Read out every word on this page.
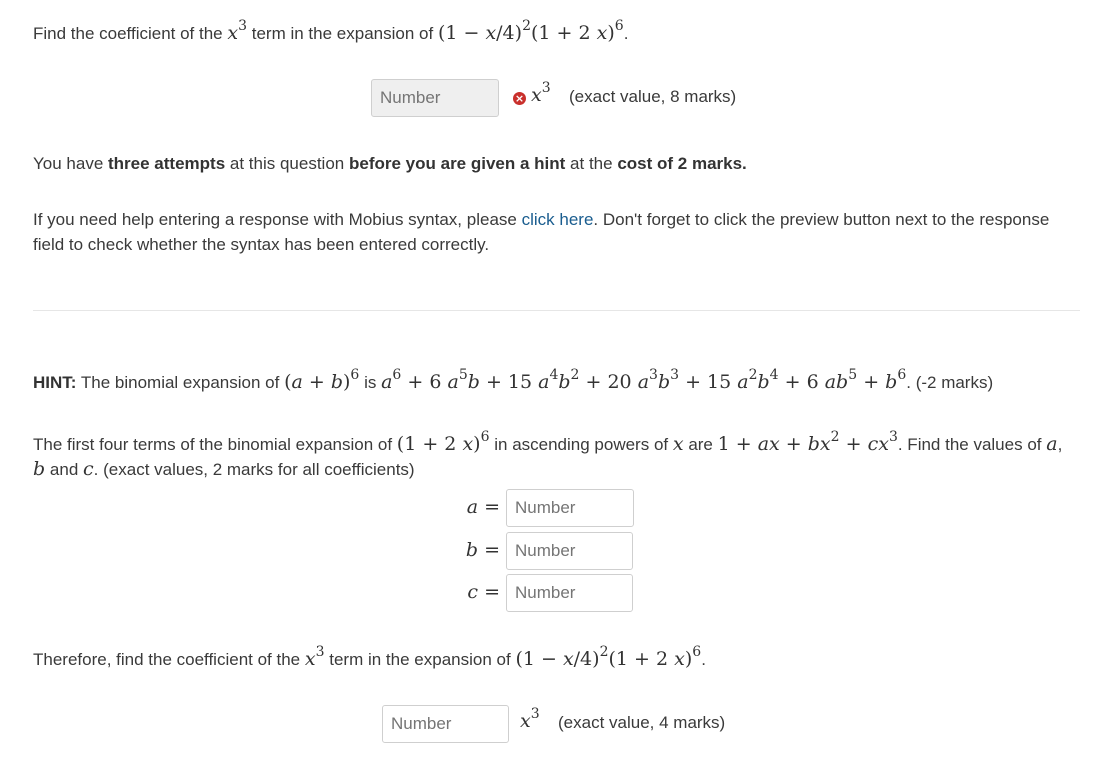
Find the coefficient of the $x^3$ term in the expansion of $(1 - x/4)^2(1 + 2$ x)$^6$.
Number
× $x^3$ (exact value, 8 marks)
You have three attempts at this question before you are given a hint at the cost of 2 marks.
If you need help entering a response with Mobius syntax, please click here. Don't forget to click the preview button next to the response field to check whether the syntax has been entered correctly.
HINT: The binomial expansion of $(a + b)^6$ is $a^6 + 6$ $a^5b + 15$ $a^4b^2 + 20$ $a^3b^3 + 15$ $a^2b^4 + 6$ $ab^5 + b^6$. (-2 marks)
The first four terms of the binomial expansion of (1 + 2 x)$^6$ in ascending powers of x are 1 + ax + $bx^2 + cx^3$. Find the values of a, b and c. (exact values, 2 marks for all coefficients)
a =
Number
b =
Number
c =
Number
Therefore, find the coefficient of the $x^3$ term in the expansion of $(1 - x/4)^2(1 + 2$ x)$^6$.
Number
$x^3$ (exact value, 4 marks)
